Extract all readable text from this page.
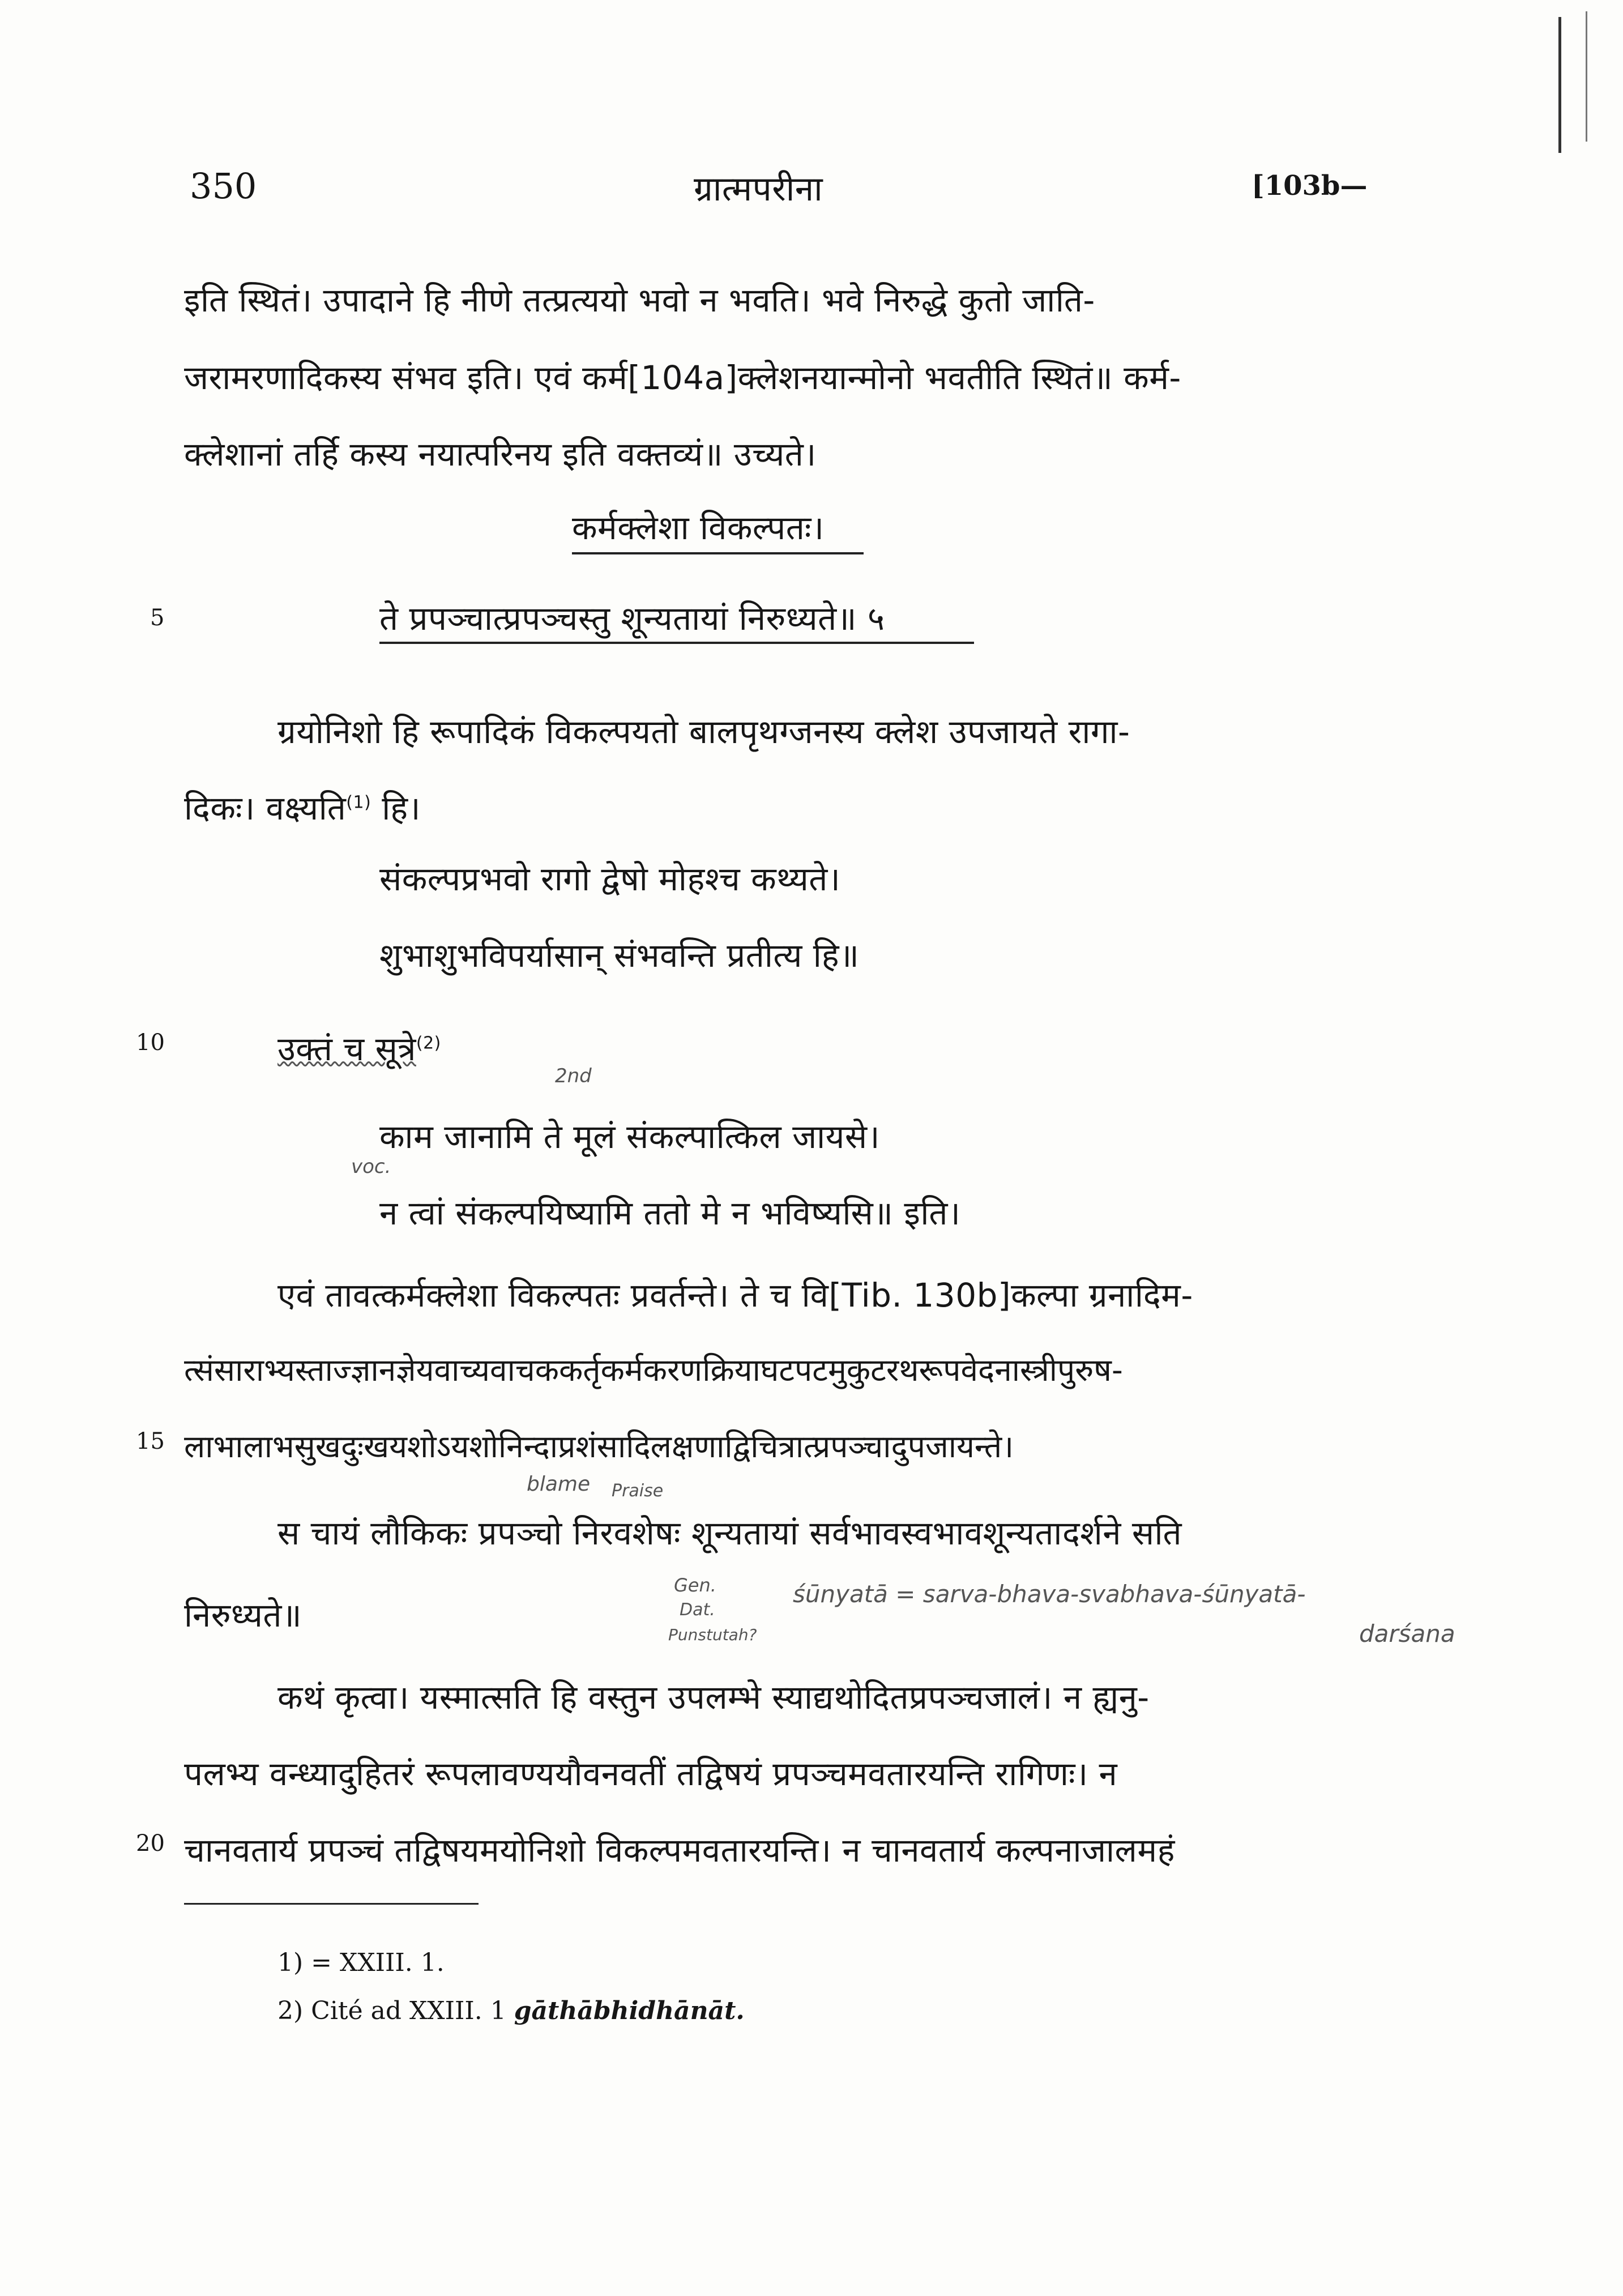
350	ग्रात्मपरीना	[103b—
5
10
15
20
इति स्थितं। उपादाने हि नीणे तत्प्रत्ययो भवो न भवति। भवे निरुद्धे कुतो जाति-
जरामरणादिकस्य संभव इति। एवं कर्म[104a]क्लेशनयान्मोनो भवतीति स्थितं॥ कर्म-
क्लेशानां तर्हि कस्य नयात्परिनय इति वक्तव्यं॥ उच्यते।
कर्मक्लेशा विकल्पतः।
ते प्रपञ्चात्प्रपञ्चस्तु शून्यतायां निरुध्यते॥ ५
ग्रयोनिशो हि रूपादिकं विकल्पयतो बालपृथग्जनस्य क्लेश उपजायते रागा-
दिकः। वक्ष्यति$^{(1)}$ हि।
संकल्पप्रभवो रागो द्वेषो मोहश्च कथ्यते।
शुभाशुभविपर्यासान् संभवन्ति प्रतीत्य हि॥
उक्तं च सूत्रे$^{(2)}$
काम जानामि ते मूलं संकल्पात्किल जायसे।
न त्वां संकल्पयिष्यामि ततो मे न भविष्यसि॥ इति।
एवं तावत्कर्मक्लेशा विकल्पतः प्रवर्तन्ते। ते च वि[Tib. 130b]कल्पा ग्रनादिम-
त्संसाराभ्यस्ताज्ज्ञानज्ञेयवाच्यवाचककर्तृकर्मकरणक्रियाघटपटमुकुटरथरूपवेदनास्त्रीपुरुष-
लाभालाभसुखदुःखयशोऽयशोनिन्दाप्रशंसादिलक्षणाद्विचित्रात्प्रपञ्चादुपजायन्ते।
स चायं लौकिकः प्रपञ्चो निरवशेषः शून्यतायां सर्वभावस्वभावशून्यतादर्शने सति
निरुध्यते॥
कथं कृत्वा। यस्मात्सति हि वस्तुन उपलम्भे स्याद्यथोदितप्रपञ्चजालं। न ह्यनु-
पलभ्य वन्ध्यादुहितरं रूपलावण्ययौवनवतीं तद्विषयं प्रपञ्चमवतारयन्ति रागिणः। न
चानवतार्य प्रपञ्चं तद्विषयमयोनिशो विकल्पमवतारयन्ति। न चानवतार्य कल्पनाजालमहं
2nd
voc.
blame Praise
Gen.
Dat.
Punstutah?
śūnyatā = sarva-bhava-svabhava-śūnyatā-
darśana
1) = XXIII. 1.
2) Cité ad XXIII. 1 gāthābhidhānāt.
